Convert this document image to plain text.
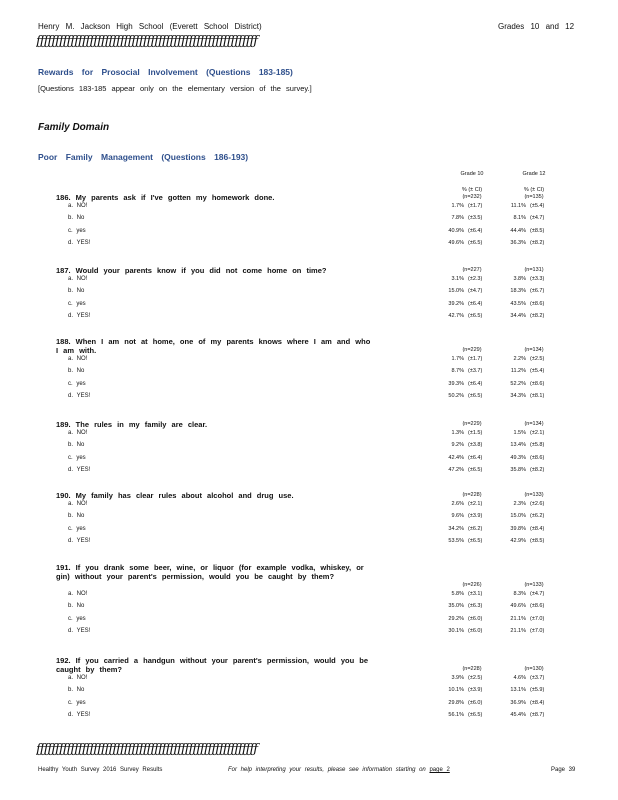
Henry M. Jackson High School (Everett School District)	Grades 10 and 12
ƒƒƒƒƒƒƒƒƒƒƒƒƒƒƒƒƒƒƒƒƒƒƒƒƒƒƒƒƒƒƒƒƒƒƒƒƒƒƒƒƒƒƒƒƒƒƒƒƒƒƒƒƒƒƒƒƒƒ
Rewards for Prosocial Involvement (Questions 183-185)
[Questions 183-185 appear only on the elementary version of the survey.]
Family Domain
Poor Family Management (Questions 186-193)
Grade 10	Grade 12
% (± CI)	% (± CI)
186. My parents ask if I've gotten my homework done.	(n=232)	(n=135)
a. NO!	1.7% (±1.7)	11.1% (±5.4)
b. No	7.8% (±3.5)	8.1% (±4.7)
c. yes	40.9% (±6.4)	44.4% (±8.5)
d. YES!	49.6% (±6.5)	36.3% (±8.2)
187. Would your parents know if you did not come home on time?	(n=227)	(n=131)
a. NO!	3.1% (±2.3)	3.8% (±3.3)
b. No	15.0% (±4.7)	18.3% (±6.7)
c. yes	39.2% (±6.4)	43.5% (±8.6)
d. YES!	42.7% (±6.5)	34.4% (±8.2)
188. When I am not at home, one of my parents knows where I am and who I am with.	(n=229)	(n=134)
a. NO!	1.7% (±1.7)	2.2% (±2.5)
b. No	8.7% (±3.7)	11.2% (±5.4)
c. yes	39.3% (±6.4)	52.2% (±8.6)
d. YES!	50.2% (±6.5)	34.3% (±8.1)
189. The rules in my family are clear.	(n=229)	(n=134)
a. NO!	1.3% (±1.5)	1.5% (±2.1)
b. No	9.2% (±3.8)	13.4% (±5.8)
c. yes	42.4% (±6.4)	49.3% (±8.6)
d. YES!	47.2% (±6.5)	35.8% (±8.2)
190. My family has clear rules about alcohol and drug use.	(n=228)	(n=133)
a. NO!	2.6% (±2.1)	2.3% (±2.6)
b. No	9.6% (±3.9)	15.0% (±6.2)
c. yes	34.2% (±6.2)	39.8% (±8.4)
d. YES!	53.5% (±6.5)	42.9% (±8.5)
191. If you drank some beer, wine, or liquor (for example vodka, whiskey, or gin) without your parent's permission, would you be caught by them?
(n=226)	(n=133)
a. NO!	5.8% (±3.1)	8.3% (±4.7)
b. No	35.0% (±6.3)	49.6% (±8.6)
c. yes	29.2% (±6.0)	21.1% (±7.0)
d. YES!	30.1% (±6.0)	21.1% (±7.0)
192. If you carried a handgun without your parent's permission, would you be caught by them?	(n=228)	(n=130)
a. NO!	3.9% (±2.5)	4.6% (±3.7)
b. No	10.1% (±3.9)	13.1% (±5.9)
c. yes	29.8% (±6.0)	36.9% (±8.4)
d. YES!	56.1% (±6.5)	45.4% (±8.7)
ƒƒƒƒƒƒƒƒƒƒƒƒƒƒƒƒƒƒƒƒƒƒƒƒƒƒƒƒƒƒƒƒƒƒƒƒƒƒƒƒƒƒƒƒƒƒƒƒƒƒƒƒƒƒƒƒƒƒ
Healthy Youth Survey 2016 Survey Results	For help interpreting your results, please see information starting on page 2	Page 39
